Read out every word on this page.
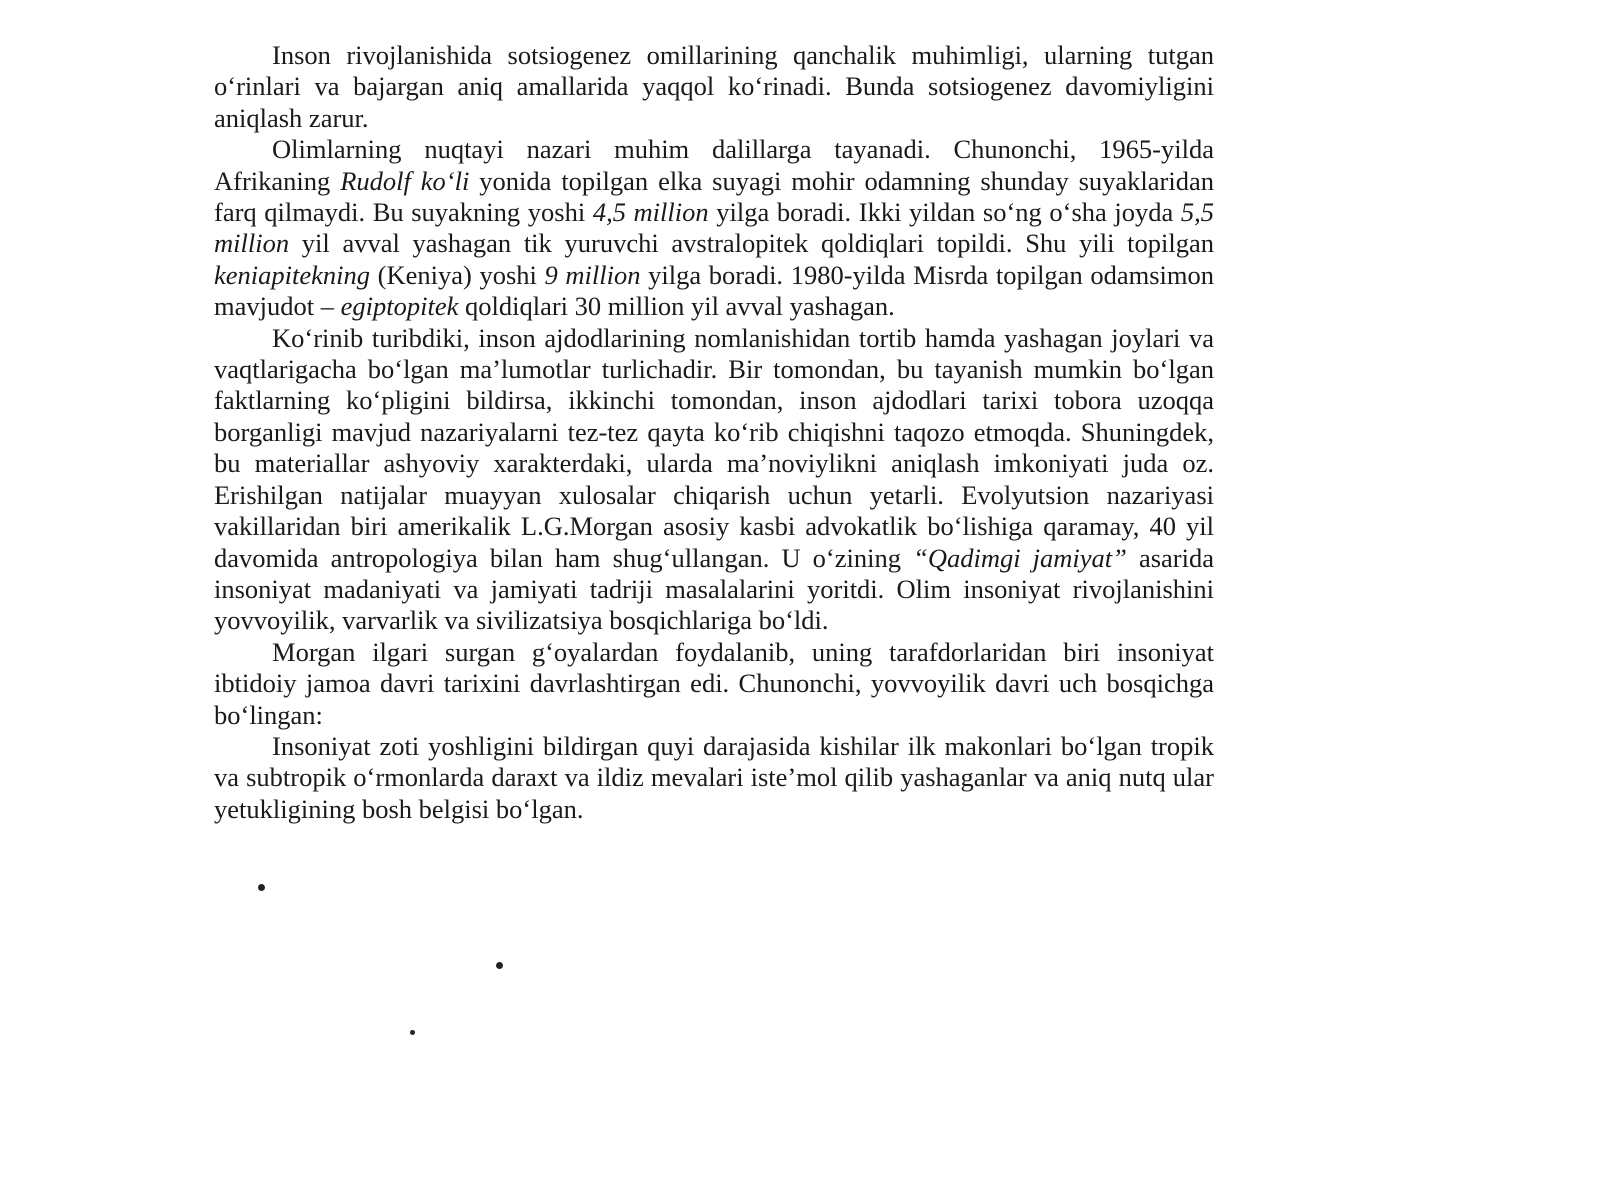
Inson rivojlanishida sotsiogenez omillarining qanchalik muhimligi, ularning tutgan o‘rinlari va bajargan aniq amallarida yaqqol ko‘rinadi. Bunda sotsiogenez davomiyligini aniqlash zarur.

Olimlarning nuqtayi nazari muhim dalillarga tayanadi. Chunonchi, 1965-yilda Afrikaning Rudolf ko‘li yonida topilgan elka suyagi mohir odamning shunday suyaklaridan farq qilmaydi. Bu suyakning yoshi 4,5 million yilga boradi. Ikki yildan so‘ng o‘sha joyda 5,5 million yil avval yashagan tik yuruvchi avstralopitek qoldiqlari topildi. Shu yili topilgan keniapitekning (Keniya) yoshi 9 million yilga boradi. 1980-yilda Misrda topilgan odamsimon mavjudot – egiptopitek qoldiqlari 30 million yil avval yashagan.

Ko‘rinib turibdiki, inson ajdodlarining nomlanishidan tortib hamda yashagan joylari va vaqtlarigacha bo‘lgan ma’lumotlar turlichadir. Bir tomondan, bu tayanish mumkin bo‘lgan faktlarning ko‘pligini bildirsa, ikkinchi tomondan, inson ajdodlari tarixi tobora uzoqqa borganligi mavjud nazariyalarni tez-tez qayta ko‘rib chiqishni taqozo etmoqda. Shuningdek, bu materiallar ashyoviy xarakterdaki, ularda ma’noviylikni aniqlash imkoniyati juda oz. Erishilgan natijalar muayyan xulosalar chiqarish uchun yetarli. Evolyutsion nazariyasi vakillaridan biri amerikalik L.G.Morgan asosiy kasbi advokatlik bo‘lishiga qaramay, 40 yil davomida antropologiya bilan ham shug‘ullangan. U o‘zining “Qadimgi jamiyat” asarida insoniyat madaniyati va jamiyati tadriji masalalarini yoritdi. Olim insoniyat rivojlanishini yovvoyilik, varvarlik va sivilizatsiya bosqichlariga bo‘ldi.

Morgan ilgari surgan g‘oyalardan foydalanib, uning tarafdorlaridan biri insoniyat ibtidoiy jamoa davri tarixini davrlashtirgan edi. Chunonchi, yovvoyilik davri uch bosqichga bo‘lingan:

Insoniyat zoti yoshligini bildirgan quyi darajasida kishilar ilk makonlari bo‘lgan tropik va subtropik o‘rmonlarda daraxt va ildiz mevalari iste’mol qilib yashaganlar va aniq nutq ular yetukligining bosh belgisi bo‘lgan.
